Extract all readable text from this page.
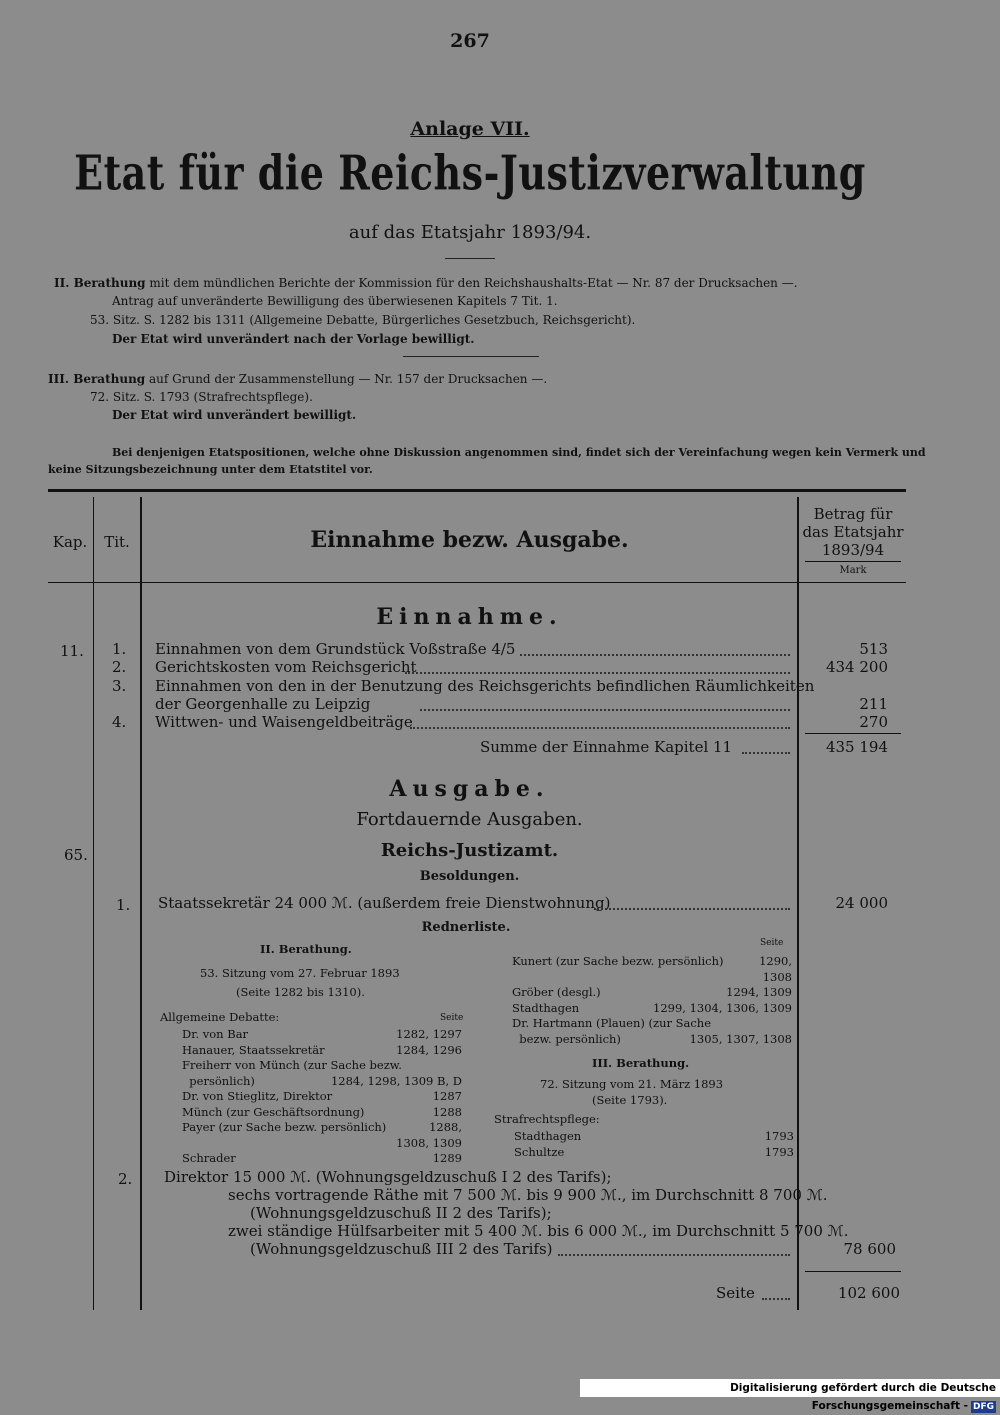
267
Anlage VII.
Etat für die Reichs-Justizverwaltung
auf das Etatsjahr 1893/94.
II. Berathung mit dem mündlichen Berichte der Kommission für den Reichshaushalts-Etat — Nr. 87 der Drucksachen —.
Antrag auf unveränderte Bewilligung des überwiesenen Kapitels 7 Tit. 1.
53. Sitz. S. 1282 bis 1311 (Allgemeine Debatte, Bürgerliches Gesetzbuch, Reichsgericht).
Der Etat wird unverändert nach der Vorlage bewilligt.
III. Berathung auf Grund der Zusammenstellung — Nr. 157 der Drucksachen —.
72. Sitz. S. 1793 (Strafrechtspflege).
Der Etat wird unverändert bewilligt.
Bei denjenigen Etatspositionen, welche ohne Diskussion angenommen sind, findet sich der Vereinfachung wegen kein Vermerk und
keine Sitzungsbezeichnung unter dem Etatstitel vor.
Kap.	Tit.	Einnahme bezw. Ausgabe.
Betrag für
das Etatsjahr
1893/94
Mark
Einnahme.
11. 1. Einnahmen von dem Grundstück Voßstraße 4/5	513
2. Gerichtskosten vom Reichsgericht	434 200
3. Einnahmen von den in der Benutzung des Reichsgerichts befindlichen Räumlichkeiten
der Georgenhalle zu Leipzig	211
4. Wittwen- und Waisengeldbeiträge	270
Summe der Einnahme Kapitel 11	435 194
Ausgabe.
Fortdauernde Ausgaben.
Reichs-Justizamt.
65.
Besoldungen.
1. Staatssekretär 24 000 ℳ. (außerdem freie Dienstwohnung)	24 000
Rednerliste.
II. Berathung.
53. Sitzung vom 27. Februar 1893
(Seite 1282 bis 1310).
Allgemeine Debatte:	Seite
Dr. von Bar	1282, 1297
Hanauer, Staatssekretär	1284, 1296
Freiherr von Münch (zur Sache bezw.
persönlich)	1284, 1298, 1309 B, D
Dr. von Stieglitz, Direktor	1287
Münch (zur Geschäftsordnung)	1288
Payer (zur Sache bezw. persönlich)	1288,
1308, 1309
Schrader	1289
Seite
Kunert (zur Sache bezw. persönlich)	1290,
1308
Gröber (desgl.)	1294, 1309
Stadthagen	1299, 1304, 1306, 1309
Dr. Hartmann (Plauen) (zur Sache
bezw. persönlich)	1305, 1307, 1308
III. Berathung.
72. Sitzung vom 21. März 1893
(Seite 1793).
Strafrechtspflege:
Stadthagen	1793
Schultze	1793
2. Direktor 15 000 ℳ. (Wohnungsgeldzuschuß I 2 des Tarifs);
sechs vortragende Räthe mit 7 500 ℳ. bis 9 900 ℳ., im Durchschnitt 8 700 ℳ.
(Wohnungsgeldzuschuß II 2 des Tarifs);
zwei ständige Hülfsarbeiter mit 5 400 ℳ. bis 6 000 ℳ., im Durchschnitt 5 700 ℳ.
(Wohnungsgeldzuschuß III 2 des Tarifs)	78 600
Seite	102 600
Digitalisierung gefördert durch die Deutsche Forschungsgemeinschaft - DFG
